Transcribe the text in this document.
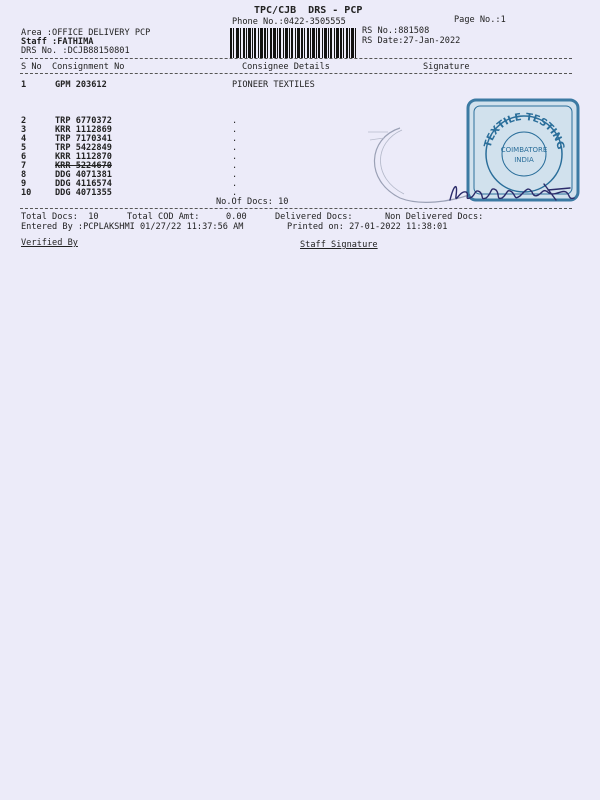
TPC/CJB  DRS - PCP
Phone No.:0422-3505555	Page No.:1
Area :OFFICE DELIVERY PCP
Staff :FATHIMA
DRS No. :DCJB88150801
RS No.:881508
RS Date:27-Jan-2022
S No Consignment No	Consignee Details	Signature
1	GPM 203612	PIONEER TEXTILES
2	TRP 6770372	.
3	KRR 1112869	.
4	TRP 7170341	.
5	TRP 5422849	.
6	KRR 1112870	.
7	KRR 5224670	.
8	DDG 4071381	.
9	DDG 4116574	.
10	DDG 4071355	.
No.Of Docs: 10
TEXTILE TESTING
COIMBATORE
INDIA
Total Docs:  10	Total COD Amt:	0.00	Delivered Docs:	Non Delivered Docs:
Entered By :PCPLAKSHMI 01/27/22 11:37:56 AM	Printed on: 27-01-2022 11:38:01
Verified By	Staff Signature
